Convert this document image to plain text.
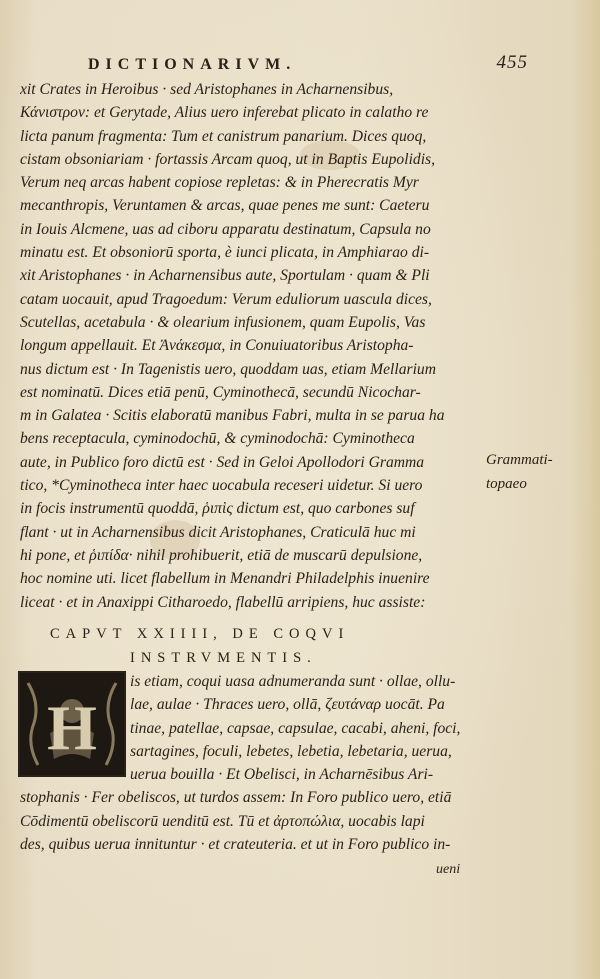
DICTIONARIVM.	455
xit Crates in Heroibus · sed Aristophanes in Acharnensibus,
Κάνιστρον: et Gerytade, Alius uero inferebat plicato in calatho re
licta panum fragmenta: Tum et canistrum panarium. Dices quoq,
cistam obsoniariam · fortassis Arcam quoq, ut in Baptis Eupolidis,
Verum neq arcas habent copiose repletas: & in Pherecratis Myr
mecanthropis, Veruntamen & arcas, quae penes me sunt: Caeteru
in Iouis Alcmene, uas ad ciboru apparatu destinatum, Capsula no
minatu est. Et obsoniorū sporta, è iunci plicata, in Amphiarao di-
xit Aristophanes · in Acharnensibus aute, Sportulam · quam & Pli
catam uocauit, apud Tragoedum: Verum eduliorum uascula dices,
Scutellas, acetabula · & olearium infusionem, quam Eupolis, Vas
longum appellauit. Et Ἀνάκεσμα, in Conuiuatoribus Aristopha-
nus dictum est · In Tagenistis uero, quoddam uas, etiam Mellarium
est nominatū. Dices etiā penū, Cyminothecā, secundū Nicochar-
m in Galatea · Scitis elaboratū manibus Fabri, multa in se parua ha
bens receptacula, cyminodochū, & cyminodochā: Cyminotheca
aute, in Publico foro dictū est · Sed in Geloi Apollodori Gramma
tico, *Cyminotheca inter haec uocabula receseri uidetur. Si uero
in focis instrumentū quoddā, ῥιπὶς dictum est, quo carbones suf
flant · ut in Acharnensibus dicit Aristophanes, Craticulā huc mi
hi pone, et ῥιπίδα· nihil prohibuerit, etiā de muscarū depulsione,
hoc nomine uti. licet flabellum in Menandri Philadelphis inuenire
liceat · et in Anaxippi Citharoedo, flabellū arripiens, huc assiste:
Grammati-
topaeo
CAPVT XXIIII, DE COQVI
INSTRVMENTIS.
H
is etiam, coqui uasa adnumeranda sunt · ollae, ollu-
lae, aulae · Thraces uero, ollā, ζευτάναρ uocāt. Pa
tinae, patellae, capsae, capsulae, cacabi, aheni, foci,
sartagines, foculi, lebetes, lebetia, lebetaria, uerua,
uerua bouilla · Et Obelisci, in Acharnēsibus Ari-
stophanis · Fer obeliscos, ut turdos assem: In Foro publico uero, etiā
Cōdimentū obeliscorū uenditū est. Tū et ἀρτοπώλια, uocabis lapi
des, quibus uerua innituntur · et crateuteria. et ut in Foro publico in-
ueni
